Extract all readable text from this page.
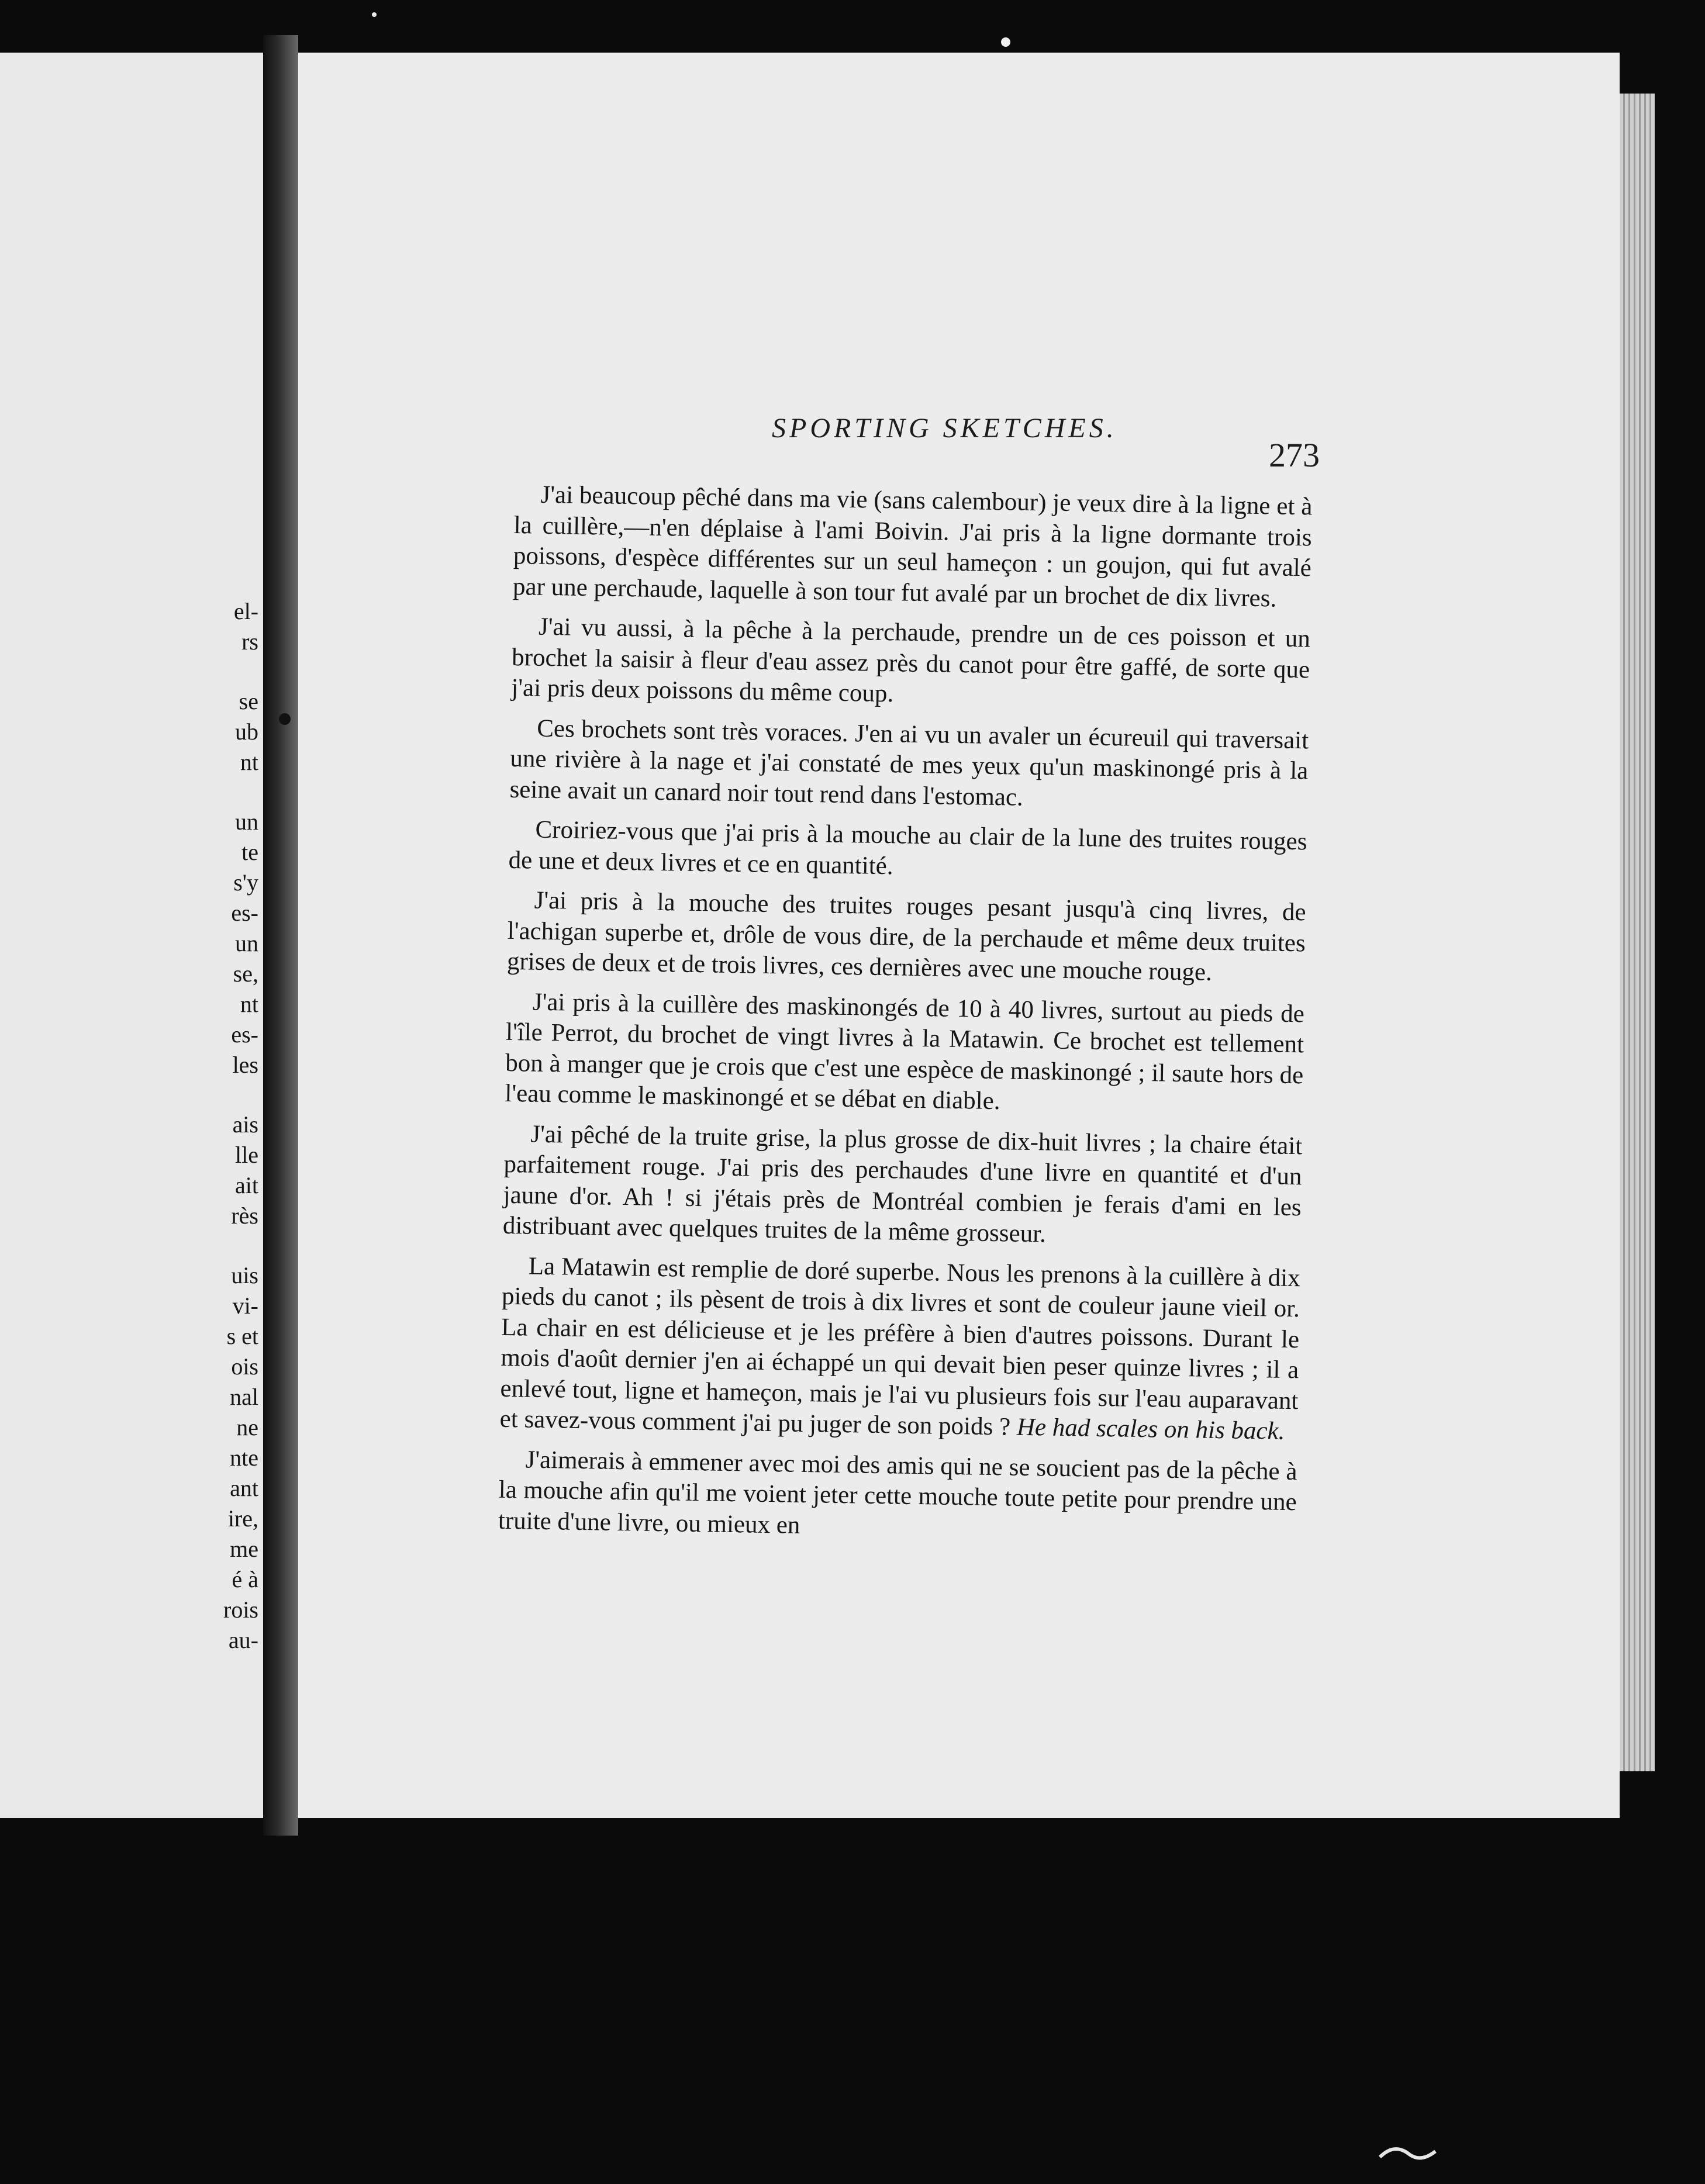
el-
rs
se
ub
nt
un
te
s'y
es-
un
se,
nt
es-
les
ais
lle
ait
rès
uis
vi-
s et
ois
nal
ne
nte
ant
ire,
me
é à
rois
au-
SPORTING SKETCHES.
273

J'ai beaucoup pêché dans ma vie (sans calembour) je veux dire à la ligne et à la cuillère,—n'en déplaise à l'ami Boivin. J'ai pris à la ligne dormante trois poissons, d'espèce différentes sur un seul hameçon : un goujon, qui fut avalé par une perchaude, laquelle à son tour fut avalé par un brochet de dix livres.

J'ai vu aussi, à la pêche à la perchaude, prendre un de ces poisson et un brochet la saisir à fleur d'eau assez près du canot pour être gaffé, de sorte que j'ai pris deux poissons du même coup.

Ces brochets sont très voraces. J'en ai vu un avaler un écureuil qui traversait une rivière à la nage et j'ai constaté de mes yeux qu'un maskinongé pris à la seine avait un canard noir tout rend dans l'estomac.

Croiriez-vous que j'ai pris à la mouche au clair de la lune des truites rouges de une et deux livres et ce en quantité.

J'ai pris à la mouche des truites rouges pesant jusqu'à cinq livres, de l'achigan superbe et, drôle de vous dire, de la perchaude et même deux truites grises de deux et de trois livres, ces dernières avec une mouche rouge.

J'ai pris à la cuillère des maskinongés de 10 à 40 livres, surtout au pieds de l'île Perrot, du brochet de vingt livres à la Matawin. Ce brochet est tellement bon à manger que je crois que c'est une espèce de maskinongé ; il saute hors de l'eau comme le maskinongé et se débat en diable.

J'ai pêché de la truite grise, la plus grosse de dix-huit livres ; la chaire était parfaitement rouge. J'ai pris des perchaudes d'une livre en quantité et d'un jaune d'or. Ah ! si j'étais près de Montréal combien je ferais d'ami en les distribuant avec quelques truites de la même grosseur.

La Matawin est remplie de doré superbe. Nous les prenons à la cuillère à dix pieds du canot ; ils pèsent de trois à dix livres et sont de couleur jaune vieil or. La chair en est délicieuse et je les préfère à bien d'autres poissons. Durant le mois d'août dernier j'en ai échappé un qui devait bien peser quinze livres ; il a enlevé tout, ligne et hameçon, mais je l'ai vu plusieurs fois sur l'eau auparavant et savez-vous comment j'ai pu juger de son poids ? He had scales on his back.

J'aimerais à emmener avec moi des amis qui ne se soucient pas de la pêche à la mouche afin qu'il me voient jeter cette mouche toute petite pour prendre une truite d'une livre, ou mieux en
